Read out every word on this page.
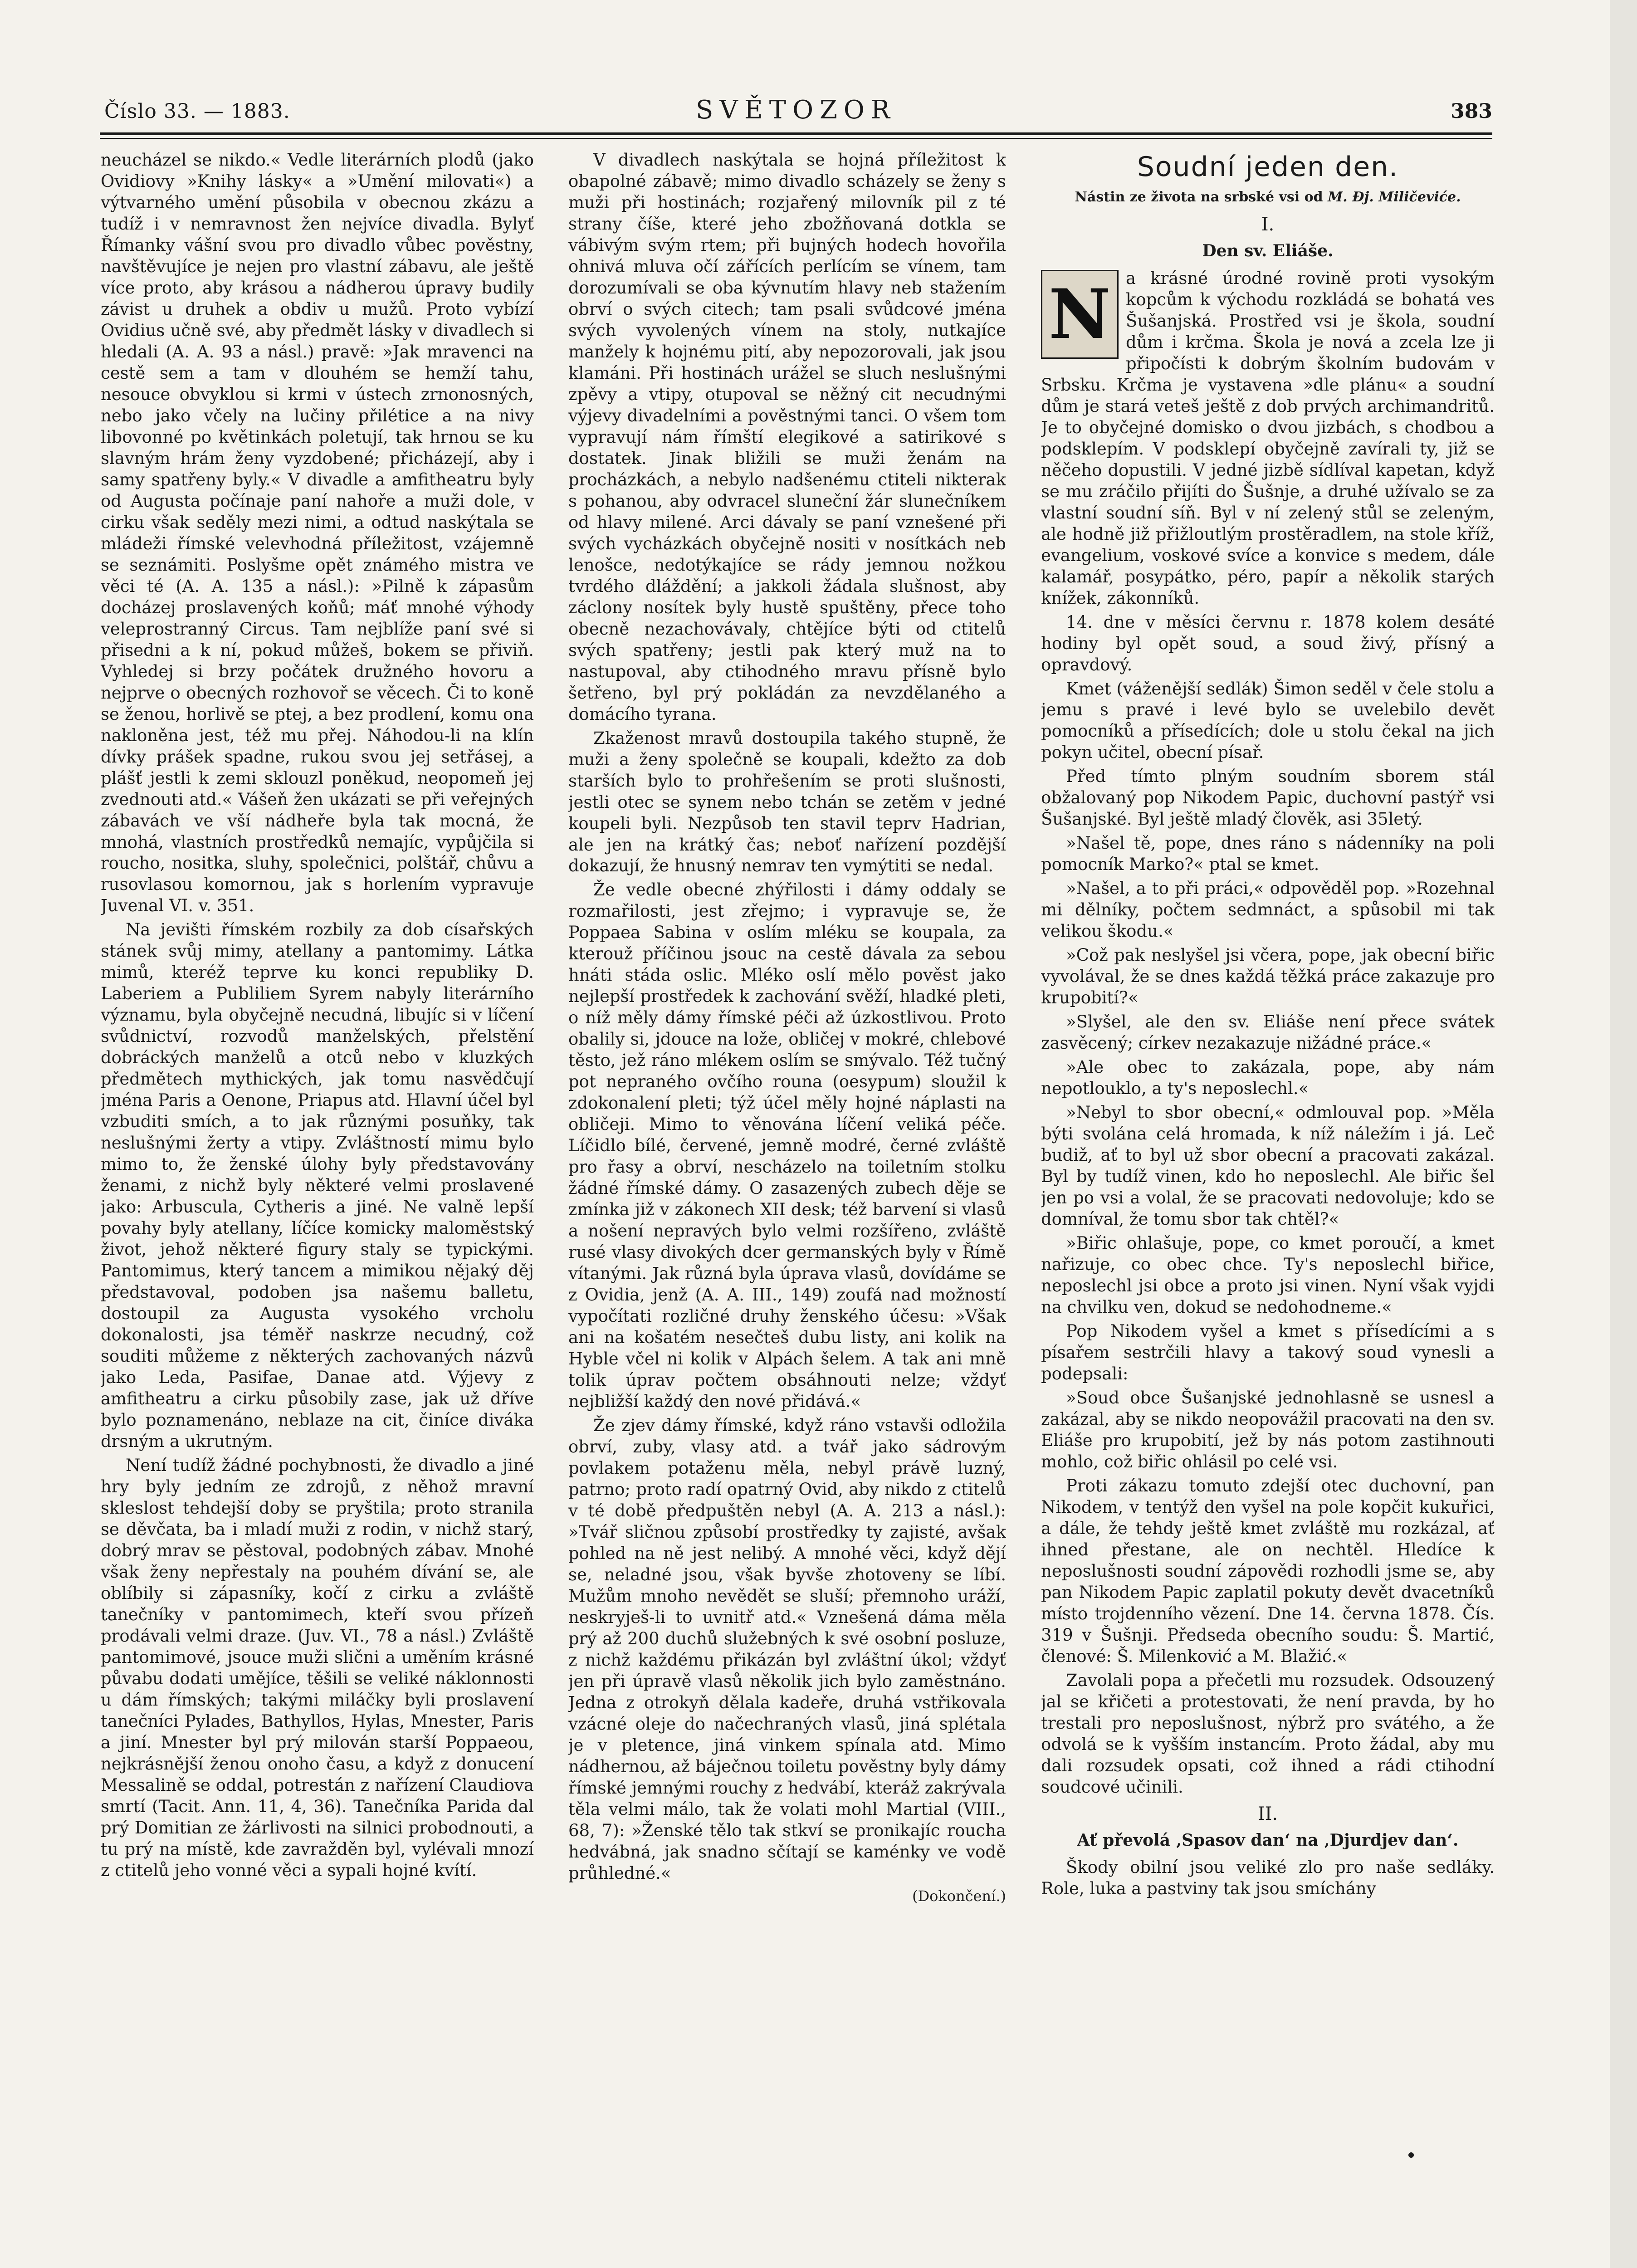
Číslo 33. — 1883.	SVĚTOZOR	383

neucházel se nikdo.« Vedle literárních plodů (jako Ovidiovy »Knihy lásky« a »Umění milovati«) a výtvarného umění působila v obecnou zkázu a tudíž i v nemravnost žen nejvíce divadla. Bylyť Římanky vášní svou pro divadlo vůbec pověstny, navštěvujíce je nejen pro vlastní zábavu, ale ještě více proto, aby krásou a nádherou úpravy budily závist u druhek a obdiv u mužů. Proto vybízí Ovidius učně své, aby předmět lásky v divadlech si hledali (A. A. 93 a násl.) pravě: »Jak mravenci na cestě sem a tam v dlouhém se hemží tahu, nesouce obvyklou si krmi v ústech zrnonosných, nebo jako včely na lučiny přilétice a na nivy libovonné po květinkách poletují, tak hrnou se ku slavným hrám ženy vyzdobené; přicházejí, aby i samy spatřeny byly.« V divadle a amfitheatru byly od Augusta počínaje paní nahoře a muži dole, v cirku však seděly mezi nimi, a odtud naskýtala se mládeži římské velevhodná příležitost, vzájemně se seznámiti. Poslyšme opět známého mistra ve věci té (A. A. 135 a násl.): »Pilně k zápasům docházej proslavených koňů; máť mnohé výhody veleprostranný Circus. Tam nejblíže paní své si přisedni a k ní, pokud můžeš, bokem se přiviň. Vyhledej si brzy počátek družného hovoru a nejprve o obecných rozhovoř se věcech. Či to koně se ženou, horlivě se ptej, a bez prodlení, komu ona nakloněna jest, též mu přej. Náhodou-li na klín dívky prášek spadne, rukou svou jej setřásej, a plášť jestli k zemi sklouzl poněkud, neopomeň jej zvednouti atd.« Vášeň žen ukázati se při veřejných zábavách ve vší nádheře byla tak mocná, že mnohá, vlastních prostředků nemajíc, vypůjčila si roucho, nositka, sluhy, společnici, polštář, chůvu a rusovlasou komornou, jak s horlením vypravuje Juvenal VI. v. 351.

Na jevišti římském rozbily za dob císařských stánek svůj mimy, atellany a pantomimy. Látka mimů, kteréž teprve ku konci republiky D. Laberiem a Publiliem Syrem nabyly literárního významu, byla obyčejně necudná, libujíc si v líčení svůdnictví, rozvodů manželských, přelstění dobráckých manželů a otců nebo v kluzkých předmětech mythických, jak tomu nasvědčují jména Paris a Oenone, Priapus atd. Hlavní účel byl vzbuditi smích, a to jak různými posuňky, tak neslušnými žerty a vtipy. Zvláštností mimu bylo mimo to, že ženské úlohy byly představovány ženami, z nichž byly některé velmi proslavené jako: Arbuscula, Cytheris a jiné. Ne valně lepší povahy byly atellany, líčíce komicky maloměstský život, jehož některé figury staly se typickými. Pantomimus, který tancem a mimikou nějaký děj představoval, podoben jsa našemu balletu, dostoupil za Augusta vysokého vrcholu dokonalosti, jsa téměř naskrze necudný, což souditi můžeme z některých zachovaných názvů jako Leda, Pasifae, Danae atd. Výjevy z amfitheatru a cirku působily zase, jak už dříve bylo poznamenáno, neblaze na cit, činíce diváka drsným a ukrutným.

Není tudíž žádné pochybnosti, že divadlo a jiné hry byly jedním ze zdrojů, z něhož mravní skleslost tehdejší doby se pryštila; proto stranila se děvčata, ba i mladí muži z rodin, v nichž starý, dobrý mrav se pěstoval, podobných zábav. Mnohé však ženy nepřestaly na pouhém dívání se, ale oblíbily si zápasníky, kočí z cirku a zvláště tanečníky v pantomimech, kteří svou přízeň prodávali velmi draze. (Juv. VI., 78 a násl.) Zvláště pantomimové, jsouce muži slični a uměním krásné půvabu dodati umějíce, těšili se veliké náklonnosti u dám římských; takými miláčky byli proslavení tanečníci Pylades, Bathyllos, Hylas, Mnester, Paris a jiní. Mnester byl prý milován starší Poppaeou, nejkrásnější ženou onoho času, a když z donucení Messalině se oddal, potrestán z nařízení Claudiova smrtí (Tacit. Ann. 11, 4, 36). Tanečníka Parida dal prý Domitian ze žárlivosti na silnici probodnouti, a tu prý na místě, kde zavražděn byl, vylévali mnozí z ctitelů jeho vonné věci a sypali hojné kvítí.

V divadlech naskýtala se hojná příležitost k obapolné zábavě; mimo divadlo scházely se ženy s muži při hostinách; rozjařený milovník pil z té strany číše, které jeho zbožňovaná dotkla se vábivým svým rtem; při bujných hodech hovořila ohnivá mluva očí zářících perlícím se vínem, tam dorozumívali se oba kývnutím hlavy neb stažením obrví o svých citech; tam psali svůdcové jména svých vyvolených vínem na stoly, nutkajíce manžely k hojnému pití, aby nepozorovali, jak jsou klamáni. Při hostinách urážel se sluch neslušnými zpěvy a vtipy, otupoval se něžný cit necudnými výjevy divadelními a pověstnými tanci. O všem tom vypravují nám římští elegikové a satirikové s dostatek. Jinak bližili se muži ženám na procházkách, a nebylo nadšenému ctiteli nikterak s pohanou, aby odvracel sluneční žár slunečníkem od hlavy milené. Arci dávaly se paní vznešené při svých vycházkách obyčejně nositi v nosítkách neb lenošce, nedotýkajíce se rády jemnou nožkou tvrdého dláždění; a jakkoli žádala slušnost, aby záclony nosítek byly hustě spuštěny, přece toho obecně nezachovávaly, chtějíce býti od ctitelů svých spatřeny; jestli pak který muž na to nastupoval, aby ctihodného mravu přísně bylo šetřeno, byl prý pokládán za nevzdělaného a domácího tyrana.

Zkaženost mravů dostoupila takého stupně, že muži a ženy společně se koupali, kdežto za dob starších bylo to prohřešením se proti slušnosti, jestli otec se synem nebo tchán se zetěm v jedné koupeli byli. Nezpůsob ten stavil teprv Hadrian, ale jen na krátký čas; neboť nařízení pozdější dokazují, že hnusný nemrav ten vymýtiti se nedal.

Že vedle obecné zhýřilosti i dámy oddaly se rozmařilosti, jest zřejmo; i vypravuje se, že Poppaea Sabina v oslím mléku se koupala, za kterouž příčinou jsouc na cestě dávala za sebou hnáti stáda oslic. Mléko oslí mělo pověst jako nejlepší prostředek k zachování svěží, hladké pleti, o níž měly dámy římské péči až úzkostlivou. Proto obalily si, jdouce na lože, obličej v mokré, chlebové těsto, jež ráno mlékem oslím se smývalo. Též tučný pot nepraného ovčího rouna (oesypum) sloužil k zdokonalení pleti; týž účel měly hojné náplasti na obličeji. Mimo to věnována líčení veliká péče. Líčidlo bílé, červené, jemně modré, černé zvláště pro řasy a obrví, nescházelo na toiletním stolku žádné římské dámy. O zasazených zubech děje se zmínka již v zákonech XII desk; též barvení si vlasů a nošení nepravých bylo velmi rozšířeno, zvláště rusé vlasy divokých dcer germanských byly v Římě vítanými. Jak různá byla úprava vlasů, dovídáme se z Ovidia, jenž (A. A. III., 149) zoufá nad možností vypočítati rozličné druhy ženského účesu: »Však ani na košatém nesečteš dubu listy, ani kolik na Hyble včel ni kolik v Alpách šelem. A tak ani mně tolik úprav počtem obsáhnouti nelze; vždyť nejbližší každý den nové přidává.«

Že zjev dámy římské, když ráno vstavši odložila obrví, zuby, vlasy atd. a tvář jako sádrovým povlakem potaženu měla, nebyl právě luzný, patrno; proto radí opatrný Ovid, aby nikdo z ctitelů v té době předpuštěn nebyl (A. A. 213 a násl.): »Tvář sličnou způsobí prostředky ty zajisté, avšak pohled na ně jest nelibý. A mnohé věci, když dějí se, neladné jsou, však byvše zhotoveny se líbí. Mužům mnoho nevědět se sluší; přemnoho uráží, neskryješ-li to uvnitř atd.« Vznešená dáma měla prý až 200 duchů služebných k své osobní posluze, z nichž každému přikázán byl zvláštní úkol; vždyť jen při úpravě vlasů několik jich bylo zaměstnáno. Jedna z otrokyň dělala kadeře, druhá vstřikovala vzácné oleje do načechraných vlasů, jiná splétala je v pletence, jiná vinkem spínala atd. Mimo nádhernou, až báječnou toiletu pověstny byly dámy římské jemnými rouchy z hedvábí, kteráž zakrývala těla velmi málo, tak že volati mohl Martial (VIII., 68, 7): »Ženské tělo tak stkví se pronikajíc roucha hedvábná, jak snadno sčítají se kaménky ve vodě průhledné.«

(Dokončení.)
Soudní jeden den.
Nástin ze života na srbské vsi od M. Đj. Miličeviće.
I.
Den sv. Eliáše.
N a krásné úrodné rovině proti vysokým kopcům k východu rozkládá se bohatá ves Šušanjská. Prostřed vsi je škola, soudní dům i krčma. Škola je nová a zcela lze ji připočísti k dobrým školním budovám v Srbsku. Krčma je vystavena »dle plánu« a soudní dům je stará veteš ještě z dob prvých archimandritů. Je to obyčejné domisko o dvou jizbách, s chodbou a podsklepím. V podsklepí obyčejně zavírali ty, již se něčeho dopustili. V jedné jizbě sídlíval kapetan, když se mu zráčilo přijíti do Šušnje, a druhé užívalo se za vlastní soudní síň. Byl v ní zelený stůl se zeleným, ale hodně již přižloutlým prostěradlem, na stole kříž, evangelium, voskové svíce a konvice s medem, dále kalamář, posypátko, péro, papír a několik starých knížek, zákonníků.

14. dne v měsíci červnu r. 1878 kolem desáté hodiny byl opět soud, a soud živý, přísný a opravdový.

Kmet (váženější sedlák) Šimon seděl v čele stolu a jemu s pravé i levé bylo se uvelebilo devět pomocníků a přísedících; dole u stolu čekal na jich pokyn učitel, obecní písař.

Před tímto plným soudním sborem stál obžalovaný pop Nikodem Papic, duchovní pastýř vsi Šušanjské. Byl ještě mladý člověk, asi 35letý.

»Našel tě, pope, dnes ráno s nádenníky na poli pomocník Marko?« ptal se kmet.

»Našel, a to při práci,« odpověděl pop. »Rozehnal mi dělníky, počtem sedmnáct, a spůsobil mi tak velikou škodu.«

»Což pak neslyšel jsi včera, pope, jak obecní biřic vyvolával, že se dnes každá těžká práce zakazuje pro krupobití?«

»Slyšel, ale den sv. Eliáše není přece svátek zasvěcený; církev nezakazuje nižádné práce.«

»Ale obec to zakázala, pope, aby nám nepotlouklo, a ty's neposlechl.«

»Nebyl to sbor obecní,« odmlouval pop. »Měla býti svolána celá hromada, k níž náležím i já. Leč budiž, ať to byl už sbor obecní a pracovati zakázal. Byl by tudíž vinen, kdo ho neposlechl. Ale biřic šel jen po vsi a volal, že se pracovati nedovoluje; kdo se domníval, že tomu sbor tak chtěl?«

»Biřic ohlašuje, pope, co kmet poroučí, a kmet nařizuje, co obec chce. Ty's neposlechl biřice, neposlechl jsi obce a proto jsi vinen. Nyní však vyjdi na chvilku ven, dokud se nedohodneme.«

Pop Nikodem vyšel a kmet s přísedícími a s písařem sestrčili hlavy a takový soud vynesli a podepsali:

»Soud obce Šušanjské jednohlasně se usnesl a zakázal, aby se nikdo neopovážil pracovati na den sv. Eliáše pro krupobití, jež by nás potom zastihnouti mohlo, což biřic ohlásil po celé vsi.

Proti zákazu tomuto zdejší otec duchovní, pan Nikodem, v tentýž den vyšel na pole kopčit kukuřici, a dále, že tehdy ještě kmet zvláště mu rozkázal, ať ihned přestane, ale on nechtěl. Hledíce k neposlušnosti soudní zápovědi rozhodli jsme se, aby pan Nikodem Papic zaplatil pokuty devět dvacetníků místo trojdenního vězení. Dne 14. června 1878. Čís. 319 v Šušnji. Předseda obecního soudu: Š. Martić, členové: Š. Milenković a M. Blažić.«

Zavolali popa a přečetli mu rozsudek. Odsouzený jal se křičeti a protestovati, že není pravda, by ho trestali pro neposlušnost, nýbrž pro svátého, a že odvolá se k vyšším instancím. Proto žádal, aby mu dali rozsudek opsati, což ihned a rádi ctihodní soudcové učinili.

II.
Ať převolá ‚Spasov dan‘ na ‚Djurdjev dan‘.

Škody obilní jsou veliké zlo pro naše sedláky. Role, luka a pastviny tak jsou smíchány
